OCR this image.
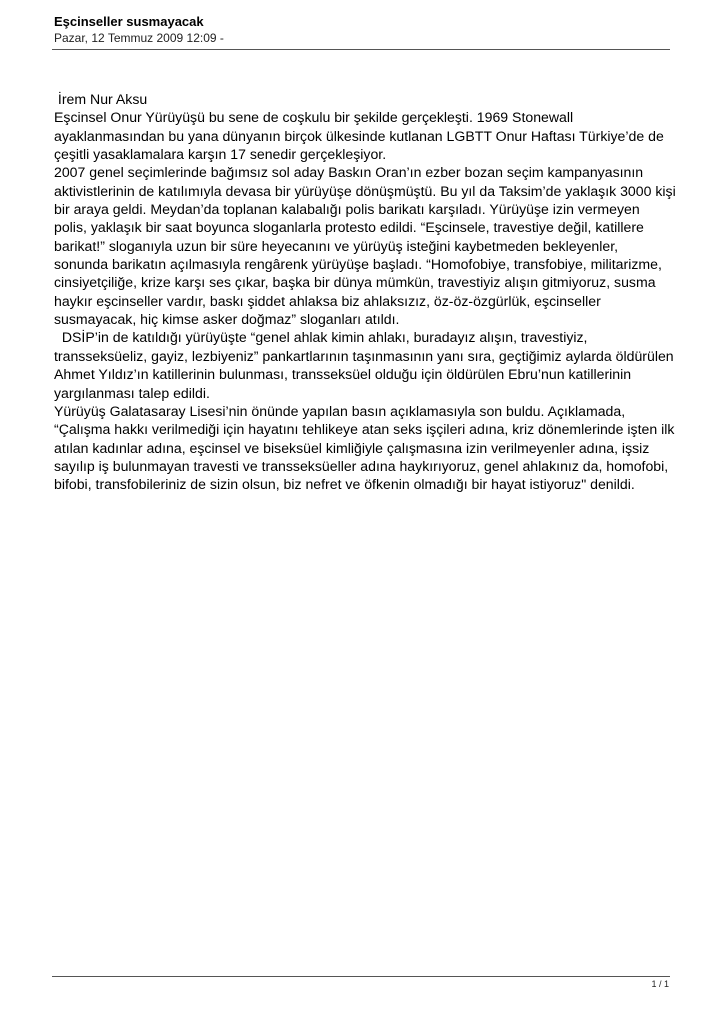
Eşcinseller susmayacak

Pazar, 12 Temmuz 2009 12:09 -

İrem Nur Aksu

Eşcinsel Onur Yürüyüşü bu sene de coşkulu bir şekilde gerçekleşti. 1969 Stonewall ayaklanmasından bu yana dünyanın birçok ülkesinde kutlanan LGBTT Onur Haftası Türkiye’de de çeşitli yasaklamalara karşın 17 senedir gerçekleşiyor.

2007 genel seçimlerinde bağımsız sol aday Baskın Oran’ın ezber bozan seçim kampanyasının aktivistlerinin de katılımıyla devasa bir yürüyüşe dönüşmüştü. Bu yıl da Taksim’de yaklaşık 3000 kişi bir araya geldi. Meydan’da toplanan kalabalığı polis barikatı karşıladı. Yürüyüşe izin vermeyen polis, yaklaşık bir saat boyunca sloganlarla protesto edildi. “Eşcinsele, travestiye değil, katillere barikat!” sloganıyla uzun bir süre heyecanını ve yürüyüş isteğini kaybetmeden bekleyenler, sonunda barikatın açılmasıyla rengârenk yürüyüşe başladı. “Homofobiye, transfobiye, militarizme, cinsiyetçiliğe, krize karşı ses çıkar, başka bir dünya mümkün, travestiyiz alışın gitmiyoruz, susma haykır eşcinseller vardır, baskı şiddet ahlaksa biz ahlaksızız, öz-öz-özgürlük, eşcinseller susmayacak, hiç kimse asker doğmaz” sloganları atıldı.

DSİP’in de katıldığı yürüyüşte “genel ahlak kimin ahlakı, buradayız alışın, travestiyiz, transseksüeliz, gayiz, lezbiyeniz” pankartlarının taşınmasının yanı sıra, geçtiğimiz aylarda öldürülen Ahmet Yıldız’ın katillerinin bulunması, transseksüel olduğu için öldürülen Ebru’nun katillerinin yargılanması talep edildi.

Yürüyüş Galatasaray Lisesi’nin önünde yapılan basın açıklamasıyla son buldu. Açıklamada, “Çalışma hakkı verilmediği için hayatını tehlikeye atan seks işçileri adına, kriz dönemlerinde işten ilk atılan kadınlar adına, eşcinsel ve biseksüel kimliğiyle çalışmasına izin verilmeyenler adına, işsiz sayılıp iş bulunmayan travesti ve transseksüeller adına haykırıyoruz, genel ahlakınız da, homofobi, bifobi, transfobileriniz de sizin olsun, biz nefret ve öfkenin olmadığı bir hayat istiyoruz" denildi.

1 / 1
